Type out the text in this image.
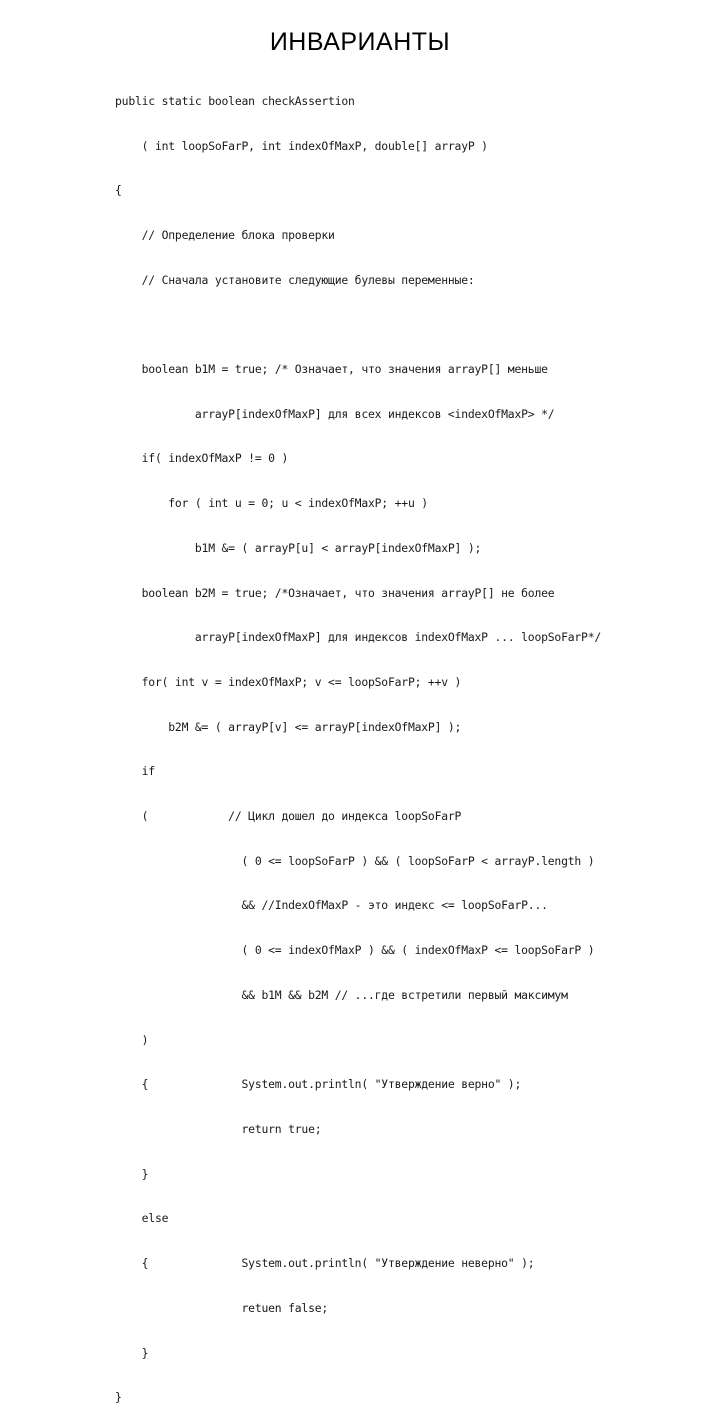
ИНВАРИАНТЫ

public static boolean checkAssertion

( int loopSoFarP, int indexOfMaxP, double[] arrayP )

{

// Определение блока проверки

// Сначала установите следующие булевы переменные:

boolean b1M = true; /* Означает, что значения arrayP[] меньше

arrayP[indexOfMaxP] для всех индексов <indexOfMaxP> */

if( indexOfMaxP != 0 )

for ( int u = 0; u < indexOfMaxP; ++u )

b1M &= ( arrayP[u] < arrayP[indexOfMaxP] );

boolean b2M = true; /*Означает, что значения arrayP[] не более

arrayP[indexOfMaxP] для индексов indexOfMaxP ... loopSoFarP*/

for( int v = indexOfMaxP; v <= loopSoFarP; ++v )

b2M &= ( arrayP[v] <= arrayP[indexOfMaxP] );

if

(            // Цикл дошел до индекса loopSoFarP

( 0 <= loopSoFarP ) && ( loopSoFarP < arrayP.length )

&& //IndexOfMaxP - это индекс <= loopSoFarP...

( 0 <= indexOfMaxP ) && ( indexOfMaxP <= loopSoFarP )

&& b1M && b2M // ...где встретили первый максимум

)

{              System.out.println( "Утверждение верно" );

return true;

}

else

{              System.out.println( "Утверждение неверно" );

retuen false;

}

}
